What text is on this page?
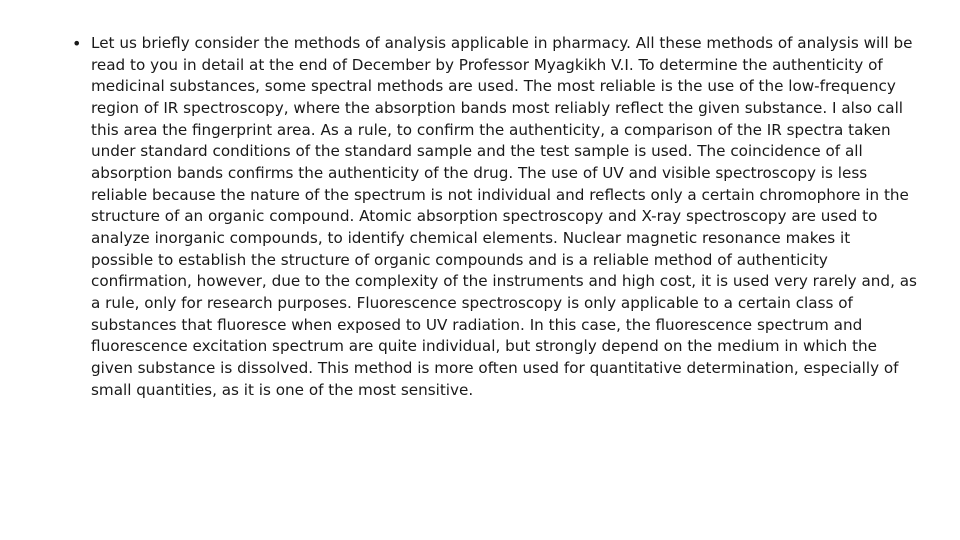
• Let us briefly consider the methods of analysis applicable in pharmacy. All these methods of analysis will be read to you in detail at the end of December by Professor Myagkikh V.I. To determine the authenticity of medicinal substances, some spectral methods are used. The most reliable is the use of the low-frequency region of IR spectroscopy, where the absorption bands most reliably reflect the given substance. I also call this area the fingerprint area. As a rule, to confirm the authenticity, a comparison of the IR spectra taken under standard conditions of the standard sample and the test sample is used. The coincidence of all absorption bands confirms the authenticity of the drug. The use of UV and visible spectroscopy is less reliable because the nature of the spectrum is not individual and reflects only a certain chromophore in the structure of an organic compound. Atomic absorption spectroscopy and X-ray spectroscopy are used to analyze inorganic compounds, to identify chemical elements. Nuclear magnetic resonance makes it possible to establish the structure of organic compounds and is a reliable method of authenticity confirmation, however, due to the complexity of the instruments and high cost, it is used very rarely and, as a rule, only for research purposes. Fluorescence spectroscopy is only applicable to a certain class of substances that fluoresce when exposed to UV radiation. In this case, the fluorescence spectrum and fluorescence excitation spectrum are quite individual, but strongly depend on the medium in which the given substance is dissolved. This method is more often used for quantitative determination, especially of small quantities, as it is one of the most sensitive.
